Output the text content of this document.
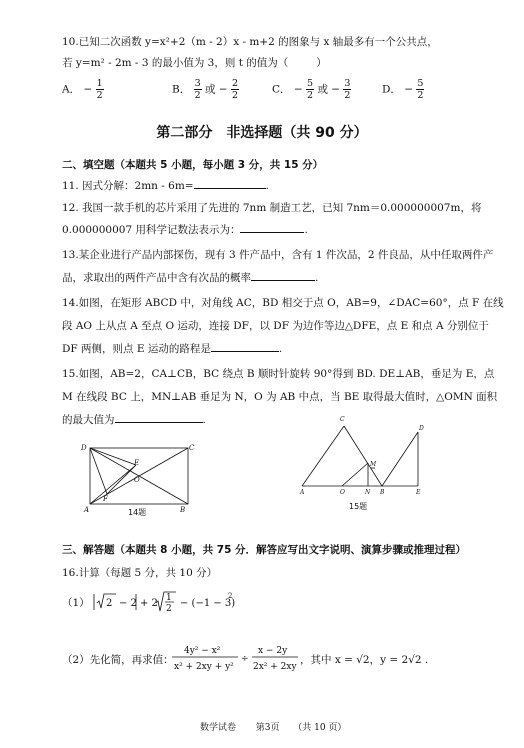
10.已知二次函数 y=x²+2（m - 2）x - m+2 的图象与 x 轴最多有一个公共点，
若 y=m² - 2m - 3 的最小值为 3，则 t 的值为（	）
A． − $\frac{1}{2}$	B． $\frac{3}{2}$ 或 − $\frac{2}{2}$	C． − $\frac{5}{2}$ 或 − $\frac{3}{2}$	D． − $\frac{5}{2}$
第二部分　非选择题（共 90 分）
二、填空题（本题共 5 小题，每小题 3 分，共 15 分）
11. 因式分解：2mn - 6m=	.
12. 我国一款手机的芯片采用了先进的 7nm 制造工艺，已知 7nm＝0.000000007m，将
0.000000007 用科学记数法表示为：	.
13.某企业进行产品内部探伤，现有 3 件产品中，含有 1 件次品，2 件良品，从中任取两件产
品，求取出的两件产品中含有次品的概率	.
14.如图，在矩形 ABCD 中，对角线 AC，BD 相交于点 O，AB=9，∠DAC=60°，点 F 在线
段 AO 上从点 A 至点 O 运动，连接 DF，以 DF 为边作等边△DFE，点 E 和点 A 分别位于
DF 两侧，则点 E 运动的路程是	.
15.如图，AB=2，CA⊥CB，BC 绕点 B 顺时针旋转 90°得到 BD. DE⊥AB，垂足为 E，点
M 在线段 BC 上，MN⊥AB 垂足为 N，O 为 AB 中点，当 BE 取得最大值时，△OMN 面积
的最大值为	.
D	C
A	B
E
O
F
14题
C
M
D
A	O	N B	E
15题
三、解答题（本题共 8 小题，共 75 分．解答应写出文字说明、演算步骤或推理过程）
16.计算（每题 5 分，共 10 分）
（1） 2 − 2 + 2 1
2 − (−1 − 3)
2
（2）先化简，再求值：
4y² − x²
x² + 2xy + y²
÷
x − 2y
2x² + 2xy
，其中 x = √2，y = 2√2 .
数学试卷 第3页 （共 10 页）
